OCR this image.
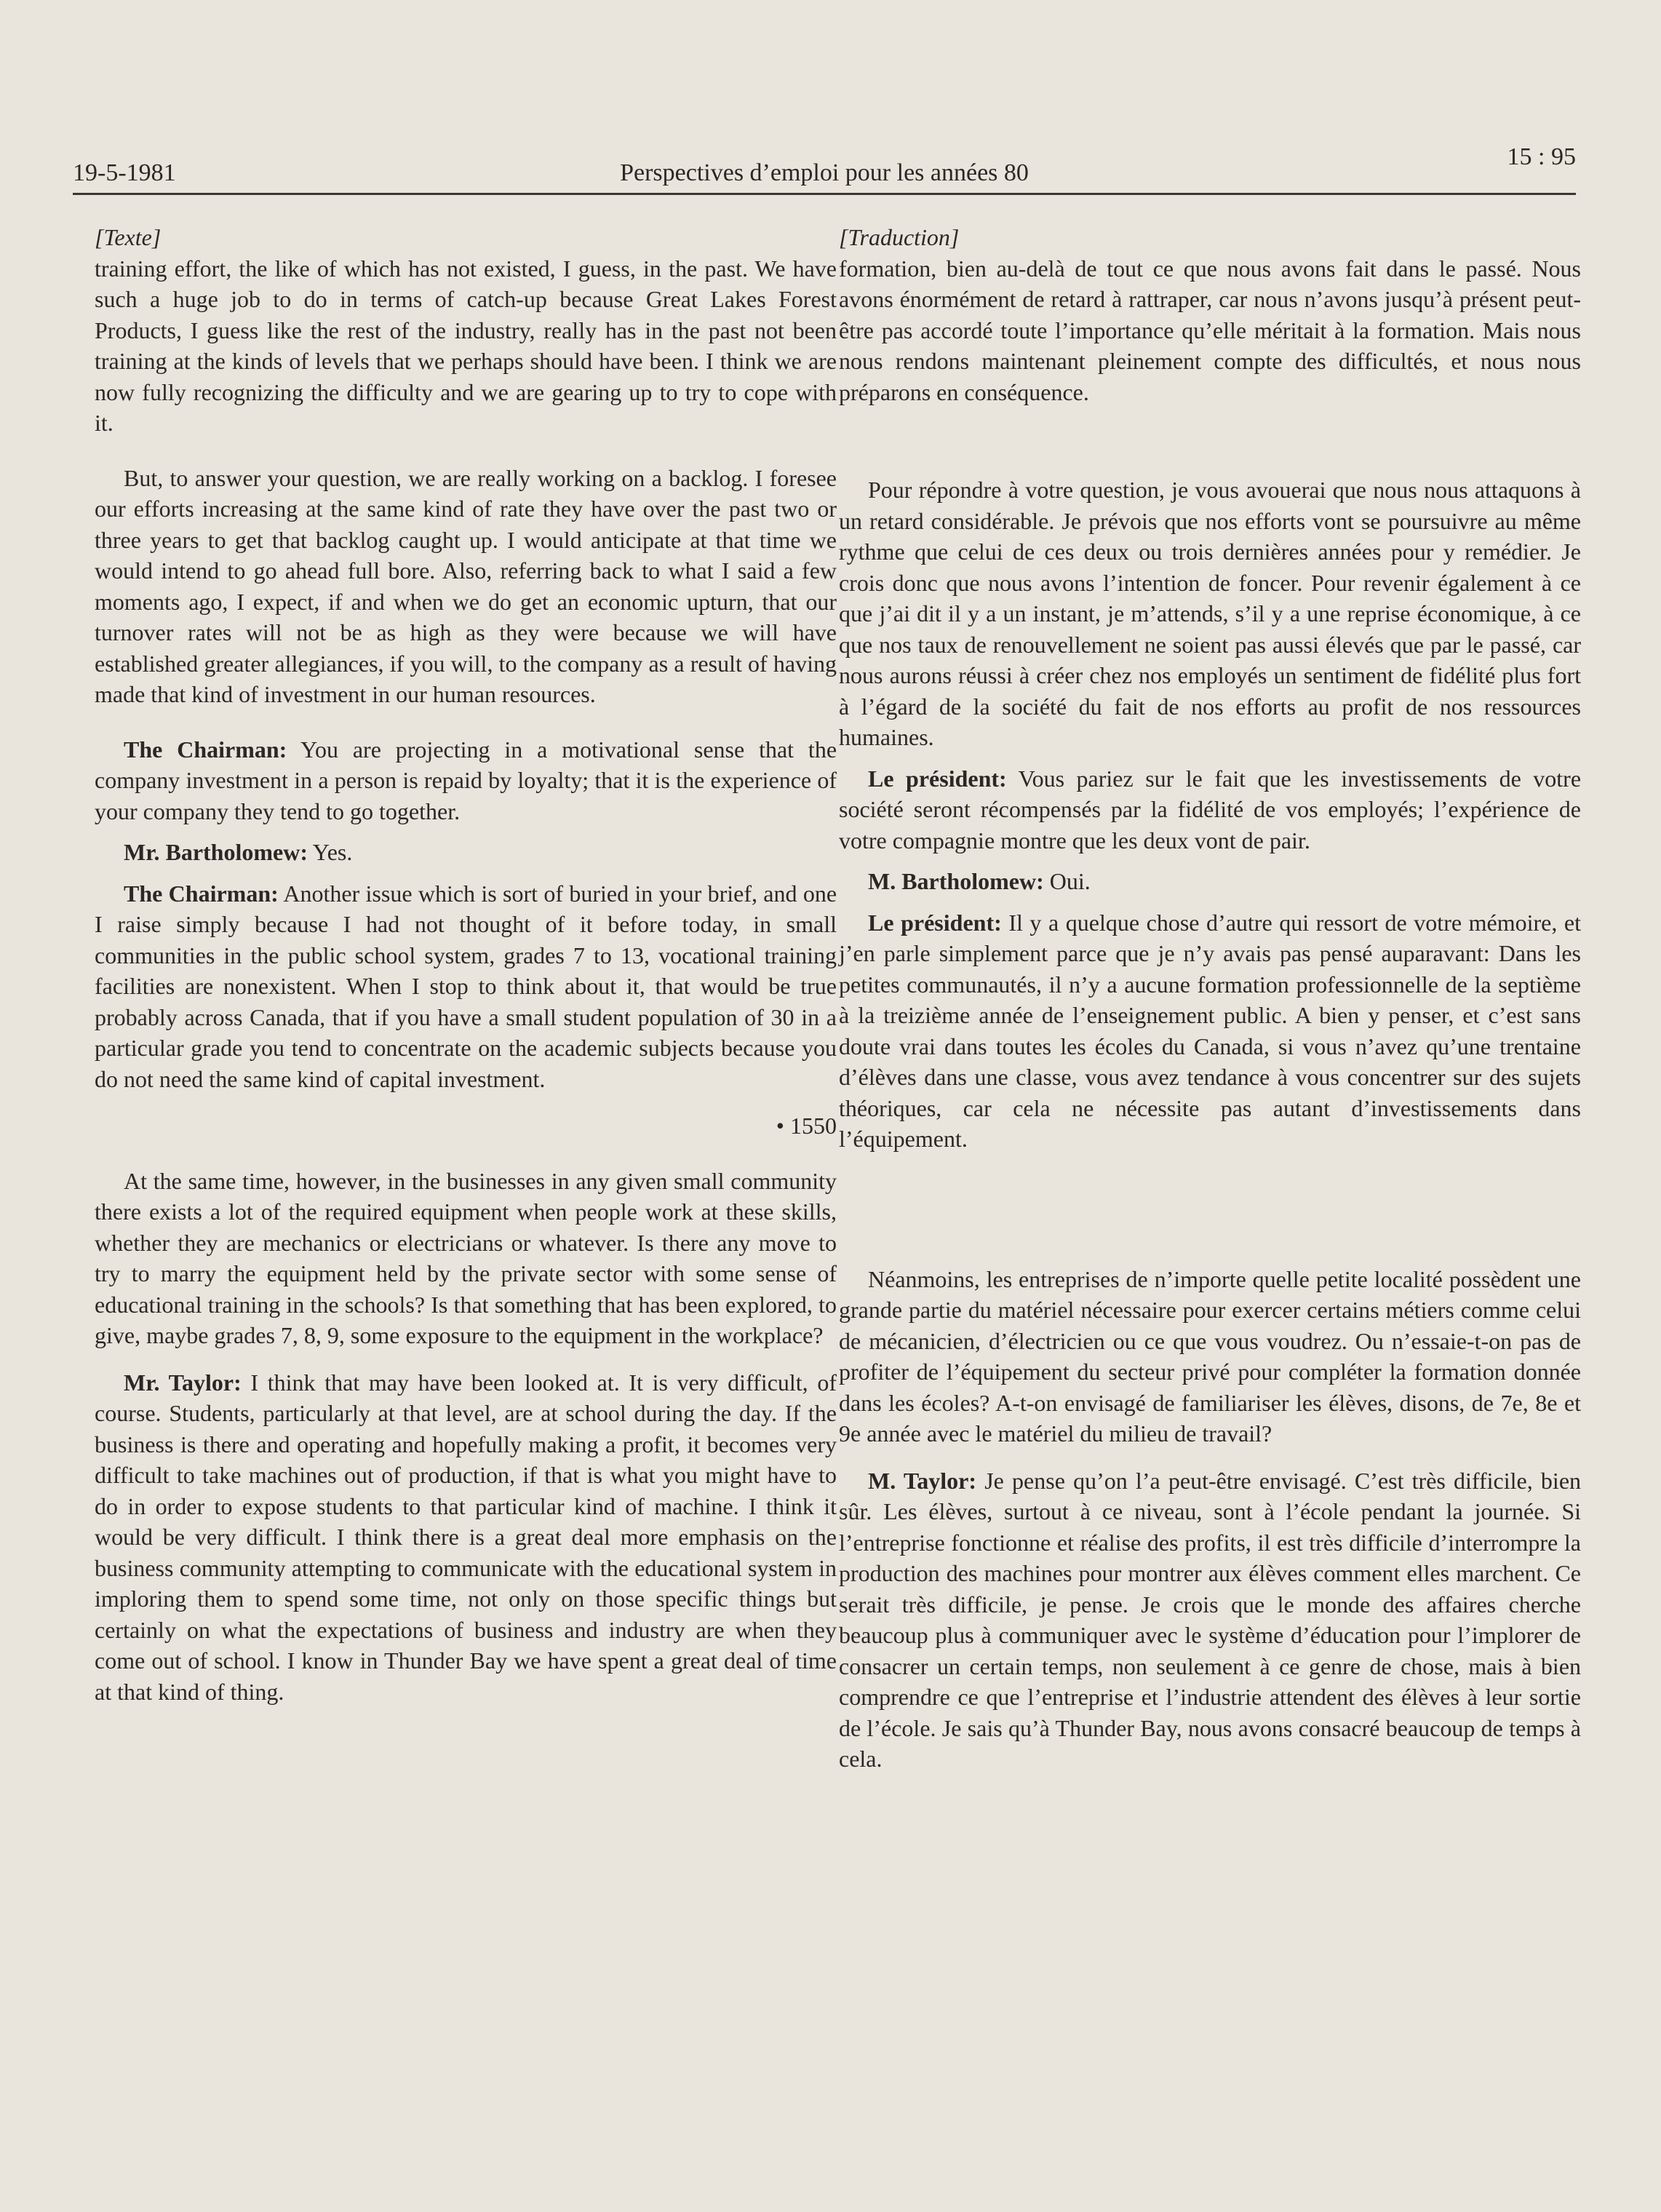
19-5-1981	Perspectives d’emploi pour les années 80
15 : 95

[Texte]

training effort, the like of which has not existed, I guess, in the past. We have such a huge job to do in terms of catch-up because Great Lakes Forest Products, I guess like the rest of the industry, really has in the past not been training at the kinds of levels that we perhaps should have been. I think we are now fully recognizing the difficulty and we are gearing up to try to cope with it.

But, to answer your question, we are really working on a backlog. I foresee our efforts increasing at the same kind of rate they have over the past two or three years to get that backlog caught up. I would anticipate at that time we would intend to go ahead full bore. Also, referring back to what I said a few moments ago, I expect, if and when we do get an economic upturn, that our turnover rates will not be as high as they were because we will have established greater allegiances, if you will, to the company as a result of having made that kind of investment in our human resources.

The Chairman: You are projecting in a motivational sense that the company investment in a person is repaid by loyalty; that it is the experience of your company they tend to go together.

Mr. Bartholomew: Yes.

The Chairman: Another issue which is sort of buried in your brief, and one I raise simply because I had not thought of it before today, in small communities in the public school system, grades 7 to 13, vocational training facilities are nonexistent. When I stop to think about it, that would be true probably across Canada, that if you have a small student population of 30 in a particular grade you tend to concentrate on the academic subjects because you do not need the same kind of capital investment.

• 1550

At the same time, however, in the businesses in any given small community there exists a lot of the required equipment when people work at these skills, whether they are mechanics or electricians or whatever. Is there any move to try to marry the equipment held by the private sector with some sense of educational training in the schools? Is that something that has been explored, to give, maybe grades 7, 8, 9, some exposure to the equipment in the workplace?

Mr. Taylor: I think that may have been looked at. It is very difficult, of course. Students, particularly at that level, are at school during the day. If the business is there and operating and hopefully making a profit, it becomes very difficult to take machines out of production, if that is what you might have to do in order to expose students to that particular kind of machine. I think it would be very difficult. I think there is a great deal more emphasis on the business community attempting to communicate with the educational system in imploring them to spend some time, not only on those specific things but certainly on what the expectations of business and industry are when they come out of school. I know in Thunder Bay we have spent a great deal of time at that kind of thing.

[Traduction]

formation, bien au-delà de tout ce que nous avons fait dans le passé. Nous avons énormément de retard à rattraper, car nous n’avons jusqu’à présent peut-être pas accordé toute l’importance qu’elle méritait à la formation. Mais nous nous rendons maintenant pleinement compte des difficultés, et nous nous préparons en conséquence.

Pour répondre à votre question, je vous avouerai que nous nous attaquons à un retard considérable. Je prévois que nos efforts vont se poursuivre au même rythme que celui de ces deux ou trois dernières années pour y remédier. Je crois donc que nous avons l’intention de foncer. Pour revenir également à ce que j’ai dit il y a un instant, je m’attends, s’il y a une reprise économique, à ce que nos taux de renouvellement ne soient pas aussi élevés que par le passé, car nous aurons réussi à créer chez nos employés un sentiment de fidélité plus fort à l’égard de la société du fait de nos efforts au profit de nos ressources humaines.

Le président: Vous pariez sur le fait que les investissements de votre société seront récompensés par la fidélité de vos employés; l’expérience de votre compagnie montre que les deux vont de pair.

M. Bartholomew: Oui.

Le président: Il y a quelque chose d’autre qui ressort de votre mémoire, et j’en parle simplement parce que je n’y avais pas pensé auparavant: Dans les petites communautés, il n’y a aucune formation professionnelle de la septième à la treizième année de l’enseignement public. A bien y penser, et c’est sans doute vrai dans toutes les écoles du Canada, si vous n’avez qu’une trentaine d’élèves dans une classe, vous avez tendance à vous concentrer sur des sujets théoriques, car cela ne nécessite pas autant d’investissements dans l’équipement.

Néanmoins, les entreprises de n’importe quelle petite localité possèdent une grande partie du matériel nécessaire pour exercer certains métiers comme celui de mécanicien, d’électricien ou ce que vous voudrez. Ou n’essaie-t-on pas de profiter de l’équipement du secteur privé pour compléter la formation donnée dans les écoles? A-t-on envisagé de familiariser les élèves, disons, de 7e, 8e et 9e année avec le matériel du milieu de travail?

M. Taylor: Je pense qu’on l’a peut-être envisagé. C’est très difficile, bien sûr. Les élèves, surtout à ce niveau, sont à l’école pendant la journée. Si l’entreprise fonctionne et réalise des profits, il est très difficile d’interrompre la production des machines pour montrer aux élèves comment elles marchent. Ce serait très difficile, je pense. Je crois que le monde des affaires cherche beaucoup plus à communiquer avec le système d’éducation pour l’implorer de consacrer un certain temps, non seulement à ce genre de chose, mais à bien comprendre ce que l’entreprise et l’industrie attendent des élèves à leur sortie de l’école. Je sais qu’à Thunder Bay, nous avons consacré beaucoup de temps à cela.
